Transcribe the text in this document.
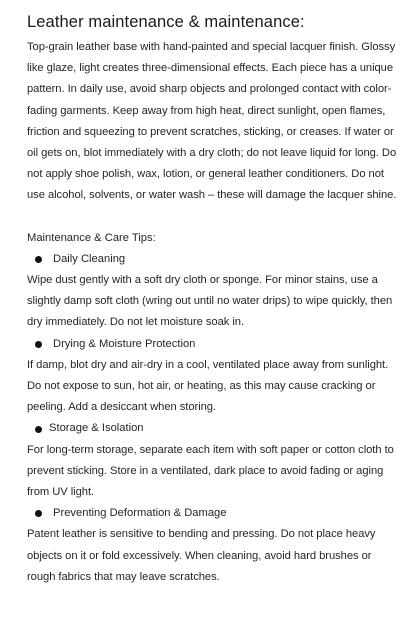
Leather maintenance & maintenance:

Top-grain leather base with hand-painted and special lacquer finish. Glossy like glaze, light creates three-dimensional effects. Each piece has a unique pattern. In daily use, avoid sharp objects and prolonged contact with color-fading garments. Keep away from high heat, direct sunlight, open flames, friction and squeezing to prevent scratches, sticking, or creases. If water or oil gets on, blot immediately with a dry cloth; do not leave liquid for long. Do not apply shoe polish, wax, lotion, or general leather conditioners. Do not use alcohol, solvents, or water wash – these will damage the lacquer shine.

Maintenance & Care Tips:

Daily Cleaning

Wipe dust gently with a soft dry cloth or sponge. For minor stains, use a slightly damp soft cloth (wring out until no water drips) to wipe quickly, then dry immediately. Do not let moisture soak in.

Drying & Moisture Protection

If damp, blot dry and air-dry in a cool, ventilated place away from sunlight. Do not expose to sun, hot air, or heating, as this may cause cracking or peeling. Add a desiccant when storing.

Storage & Isolation

For long-term storage, separate each item with soft paper or cotton cloth to prevent sticking. Store in a ventilated, dark place to avoid fading or aging from UV light.

Preventing Deformation & Damage

Patent leather is sensitive to bending and pressing. Do not place heavy objects on it or fold excessively. When cleaning, avoid hard brushes or rough fabrics that may leave scratches.
